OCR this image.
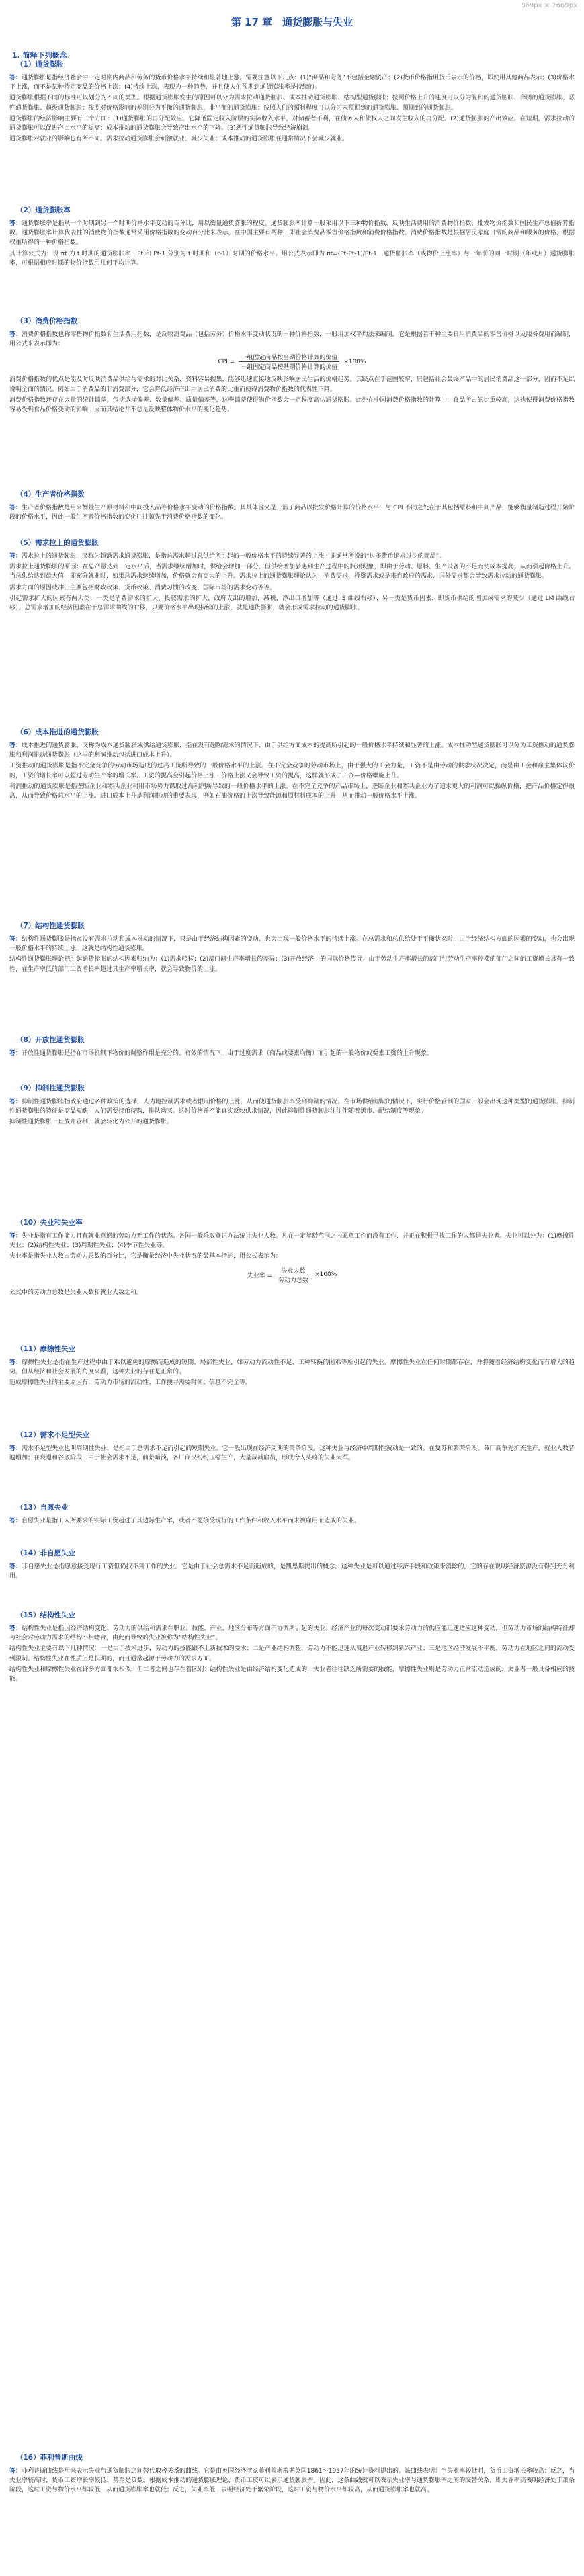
869px × 7669px
第 17 章　通货膨胀与失业
1. 简释下列概念：
（1）通货膨胀
答：通货膨胀是指经济社会中一定时期内商品和劳务的货币价格水平持续和显著地上涨。需要注意以下几点：(1)“商品和劳务”不包括金融资产；(2)货币价格指用货币表示的价格，即使用其他商品表示；(3)价格水平上涨，而不是某种特定商品的价格上涨；(4)持续上涨，表现为一种趋势，并且使人们预期到通货膨胀率是持续的。
通货膨胀根据不同的标准可以划分为不同的类型。根据通货膨胀发生的原因可以分为需求拉动通货膨胀、成本推动通货膨胀、结构型通货膨胀；按照价格上升的速度可以分为温和的通货膨胀、奔腾的通货膨胀、恶性通货膨胀、超级通货膨胀；按照对价格影响的差别分为平衡的通货膨胀、非平衡的通货膨胀；按照人们的预料程度可以分为未预期到的通货膨胀、预期到的通货膨胀。
通货膨胀的经济影响主要有三个方面：(1)通货膨胀的再分配效应。它降低固定收入阶层的实际收入水平，对储蓄者不利，在债务人和债权人之间发生收入的再分配。(2)通货膨胀的产出效应。在短期，需求拉动的通货膨胀可以促进产出水平的提高；成本推动的通货膨胀会导致产出水平的下降。(3)恶性通货膨胀导致经济崩溃。
通货膨胀对就业的影响也有所不同。需求拉动通货膨胀会刺激就业、减少失业；成本推动的通货膨胀在通常情况下会减少就业。
（2）通货膨胀率
答：通货膨胀率是指从一个时期到另一个时期价格水平变动的百分比，用以衡量通货膨胀的程度。通货膨胀率计算一般采用以下三种物价指数，反映生活费用的消费物价指数、批发物价指数和国民生产总值折算指数。通货膨胀率计算代表性的消费物价指数通常采用价格指数的变动百分比来表示。在中国主要有两种，即社会消费品零售价格指数和消费价格指数。消费价格指数是根据居民家庭日常的商品和服务的价格，根据权重所得的一种价格指数。
其计算公式为：设 πt 为 t 时期的通货膨胀率，Pt 和 Pt-1 分别为 t 时期和（t-1）时期的价格水平。用公式表示即为 πt=(Pt-Pt-1)/Pt-1，通货膨胀率（或物价上涨率）与一年前的同一时期（年或月）通货膨胀率，可根据相应时期的物价指数用几何平均计算。
（3）消费价格指数
答：消费价格指数也称零售物价指数和生活费用指数，是反映消费品（包括劳务）价格水平变动状况的一种价格指数，一般用加权平均法来编制。它是根据若干种主要日用消费品的零售价格以及服务费用而编制，用公式来表示即为：
CPI = $\frac{\text{一组固定商品按当期价格计算的价值}}{\text{一组固定商品按基期价格计算的价值}} \times 100\%$
消费价格指数的优点是能及时反映消费品供给与需求的对比关系，资料容易搜集，能够迅速直接地反映影响居民生活的价格趋势。其缺点在于范围较窄，只包括社会最终产品中的居民消费品这一部分，因而不足以说明全面的情况。例如由于消费品的非消费部分，它会降低经济产出中居民消费的比重而使得消费物价指数的代表性下降。
消费价格指数还存在大量的统计偏差，包括选择偏差、数量偏差、质量偏差等，这些偏差使得物价指数会一定程度高估通货膨胀。此外在中国消费价格指数的计算中，食品所占的比重较高，这也使得消费价格指数容易受到食品价格变动的影响，因而其结论并不总是反映整体物价水平的变化趋势。
（4）生产者价格指数
答：生产者价格指数是用来衡量生产原材料和中间投入品等价格水平变动的价格指数。其具体含义是一篮子商品以批发价格计算的价格水平，与 CPI 不同之处在于其包括原料和中间产品，能够衡量制造过程开始阶段的价格水平，因此一般生产者价格指数的变化往往领先于消费价格指数的变化。
（5）需求拉上的通货膨胀
答：需求拉上的通货膨胀，又称为超额需求通货膨胀，是指总需求超过总供给所引起的一般价格水平的持续显著的上涨，即通常所说的“过多货币追求过少的商品”。
需求拉上通货膨胀的原因：在总产量达到一定水平后，当需求继续增加时，供给会增加一部分，但供给增加会遇到生产过程中的瓶颈现象，即由于劳动、原料、生产设备的不足而使成本提高，从而引起价格上升。当总供给达到最大值，即充分就业时，如果总需求继续增加，价格就会有更大的上升。需求拉上的通货膨胀理论认为，消费需求、投资需求或是来自政府的需求、国外需求都会导致需求拉动的通货膨胀。
需求方面的原因或冲击主要包括财政政策、货币政策、消费习惯的改变、国际市场的需求变动等等。
引起需求扩大的因素有两大类：一类是消费需求的扩大，投资需求的扩大，政府支出的增加，减税，净出口增加等（通过 IS 曲线右移）；另一类是货币因素，即货币供给的增加或需求的减少（通过 LM 曲线右移）。总需求增加的经济因素在于总需求曲线的右移，只要价格水平出现持续的上涨，就是通货膨胀，就会形成需求拉动的通货膨胀。
（6）成本推进的通货膨胀
答：成本推进的通货膨胀，又称为成本通货膨胀或供给通货膨胀，指在没有超额需求的情况下，由于供给方面成本的提高所引起的一般价格水平持续和显著的上涨。成本推动型通货膨胀可以分为工资推动的通货膨胀和利润推动通货膨胀（这里的利润推动包括进口成本上升）。
工资推动的通货膨胀是指不完全竞争的劳动市场造成的过高工资所导致的一般价格水平的上涨。在不完全竞争的劳动市场上，由于强大的工会力量，工资不是由劳动的供求状况决定，而是由工会和雇主集体议价的，工资的增长率可以超过劳动生产率的增长率。工资的提高会引起价格上涨，价格上涨又会导致工资的提高，这样就形成了工资—价格螺旋上升。
利润推动的通货膨胀是指垄断企业和寡头企业利用市场势力谋取过高利润所导致的一般价格水平的上涨。在不完全竞争的产品市场上，垄断企业和寡头企业为了追求更大的利润可以操纵价格，把产品价格定得很高，从而导致价格总水平的上涨。进口成本上升是利润推动的重要表现，例如石油价格的上涨导致能源和原材料成本的上升，从而推动一般价格水平上涨。
（7）结构性通货膨胀
答：结构性通货膨胀是指在没有需求拉动和成本推动的情况下，只是由于经济结构因素的变动，也会出现一般价格水平的持续上涨。在总需求和总供给处于平衡状态时，由于经济结构方面的因素的变动，也会出现一般价格水平的持续上涨，这就是结构性通货膨胀。
结构性通货膨胀理论把引起通货膨胀的结构因素归纳为：(1)需求转移；(2)部门间生产率增长的差异；(3)开放经济中的国际价格传导。由于劳动生产率增长的部门与劳动生产率停滞的部门之间的工资增长具有一致性，在生产率低的部门工资增长率超过其生产率增长率，就会导致物价的上涨。
（8）开放性通货膨胀
答：开放性通货膨胀是指在市场机制下物价的调整作用是充分的、有效的情况下，由于过度需求（商品或要素均衡）而引起的一般物价或要素工资的上升现象。
（9）抑制性通货膨胀
答：抑制性通货膨胀指政府通过各种政策的选择，人为地控制需求或者限制价格的上涨，从而使通货膨胀率受到抑制的情况。在市场供给短缺的情况下，实行价格管制的国家一般会出现这种类型的通货膨胀。抑制性通货膨胀的特征是商品短缺，人们需要持币待购，排队购买。这时价格并不能真实反映供求情况，因此抑制性通货膨胀往往伴随着黑市、配给制度等现象。
抑制性通货膨胀一旦放开管制，就会转化为公开的通货膨胀。
（10）失业和失业率
答：失业是指有工作能力且有就业意愿的劳动力无工作的状态。各国一般采取登记办法统计失业人数。凡在一定年龄范围之内愿意工作而没有工作，并正在积极寻找工作的人都是失业者。失业可以分为：(1)摩擦性失业；(2)结构性失业；(3)周期性失业；(4)季节性失业等。
失业率是指失业人数占劳动力总数的百分比，它是衡量经济中失业状况的最基本指标，用公式表示为：
失业率 = $\frac{\text{失业人数}}{\text{劳动力总数}} \times 100\%$
公式中的劳动力总数是失业人数和就业人数之和。
（11）摩擦性失业
答：摩擦性失业是指在生产过程中由于难以避免的摩擦而造成的短期、局部性失业，如劳动力流动性不足、工种转换的困难等所引起的失业。摩擦性失业在任何时期都存在，并将随着经济结构变化而有增大的趋势。但从经济和社会发展的角度来看，这种失业的存在是正常的。
造成摩擦性失业的主要原因有：劳动力市场的流动性；工作搜寻需要时间；信息不完全等。
（12）需求不足型失业
答：需求不足型失业也叫周期性失业，是指由于总需求不足而引起的短期失业。它一般出现在经济周期的萧条阶段。这种失业与经济中周期性波动是一致的。在复苏和繁荣阶段，各厂商争先扩充生产，就业人数普遍增加；在衰退和谷底阶段，由于社会需求不足，前景暗淡，各厂商又纷纷压缩生产，大量裁减雇员，形成令人头疼的失业大军。
（13）自愿失业
答：自愿失业是指工人所要求的实际工资超过了其边际生产率，或者不愿接受现行的工作条件和收入水平而未被雇用而造成的失业。
（14）非自愿失业
答：非自愿失业是指愿意接受现行工资但仍找不到工作的失业。它是由于社会总需求不足而造成的，是凯恩斯提出的概念。这种失业是可以通过经济手段和政策来消除的，它的存在说明经济资源没有得到充分利用。
（15）结构性失业
答：结构性失业是指因经济结构变化，劳动力的供给和需求在职业、技能、产业、地区分布等方面不协调所引起的失业。经济产业的每次变动都要求劳动力的供应能迅速适应这种变动，但劳动力市场的结构特征却与社会对劳动力需求的结构不相吻合，由此而导致的失业被称为“结构性失业”。
结构性失业主要有以下几种情况：一是由于技术进步，劳动力的技能跟不上新技术的要求；二是产业结构调整，劳动力不能迅速从衰退产业转移到新兴产业；三是地区经济发展不平衡，劳动力在地区之间的流动受到限制。结构性失业在性质上是长期的，而且通常起源于劳动力的需求方面。
结构性失业和摩擦性失业在许多方面都很相似，但二者之间也存在着区别：结构性失业是由经济结构变化造成的，失业者往往缺乏所需要的技能，摩擦性失业则是劳动力正常流动造成的，失业者一般具备相应的技能。
（16）菲利普斯曲线
答：菲利普斯曲线是用来表示失业与通货膨胀之间替代取舍关系的曲线。它是由英国经济学家菲利普斯根据英国1861～1957年的统计资料提出的。该曲线表明：当失业率较低时，货币工资增长率较高；反之，当失业率较高时，货币工资增长率较低，甚至是负数。根据成本推动的通货膨胀理论，货币工资可以表示通货膨胀率。因此，这条曲线就可以表示失业率与通货膨胀率之间的交替关系，即失业率高表明经济处于萧条阶段，这时工资与物价水平都较低，从而通货膨胀率也就低；反之，失业率低，表明经济处于繁荣阶段，这时工资与物价水平都较高，从而通货膨胀率也就高。
